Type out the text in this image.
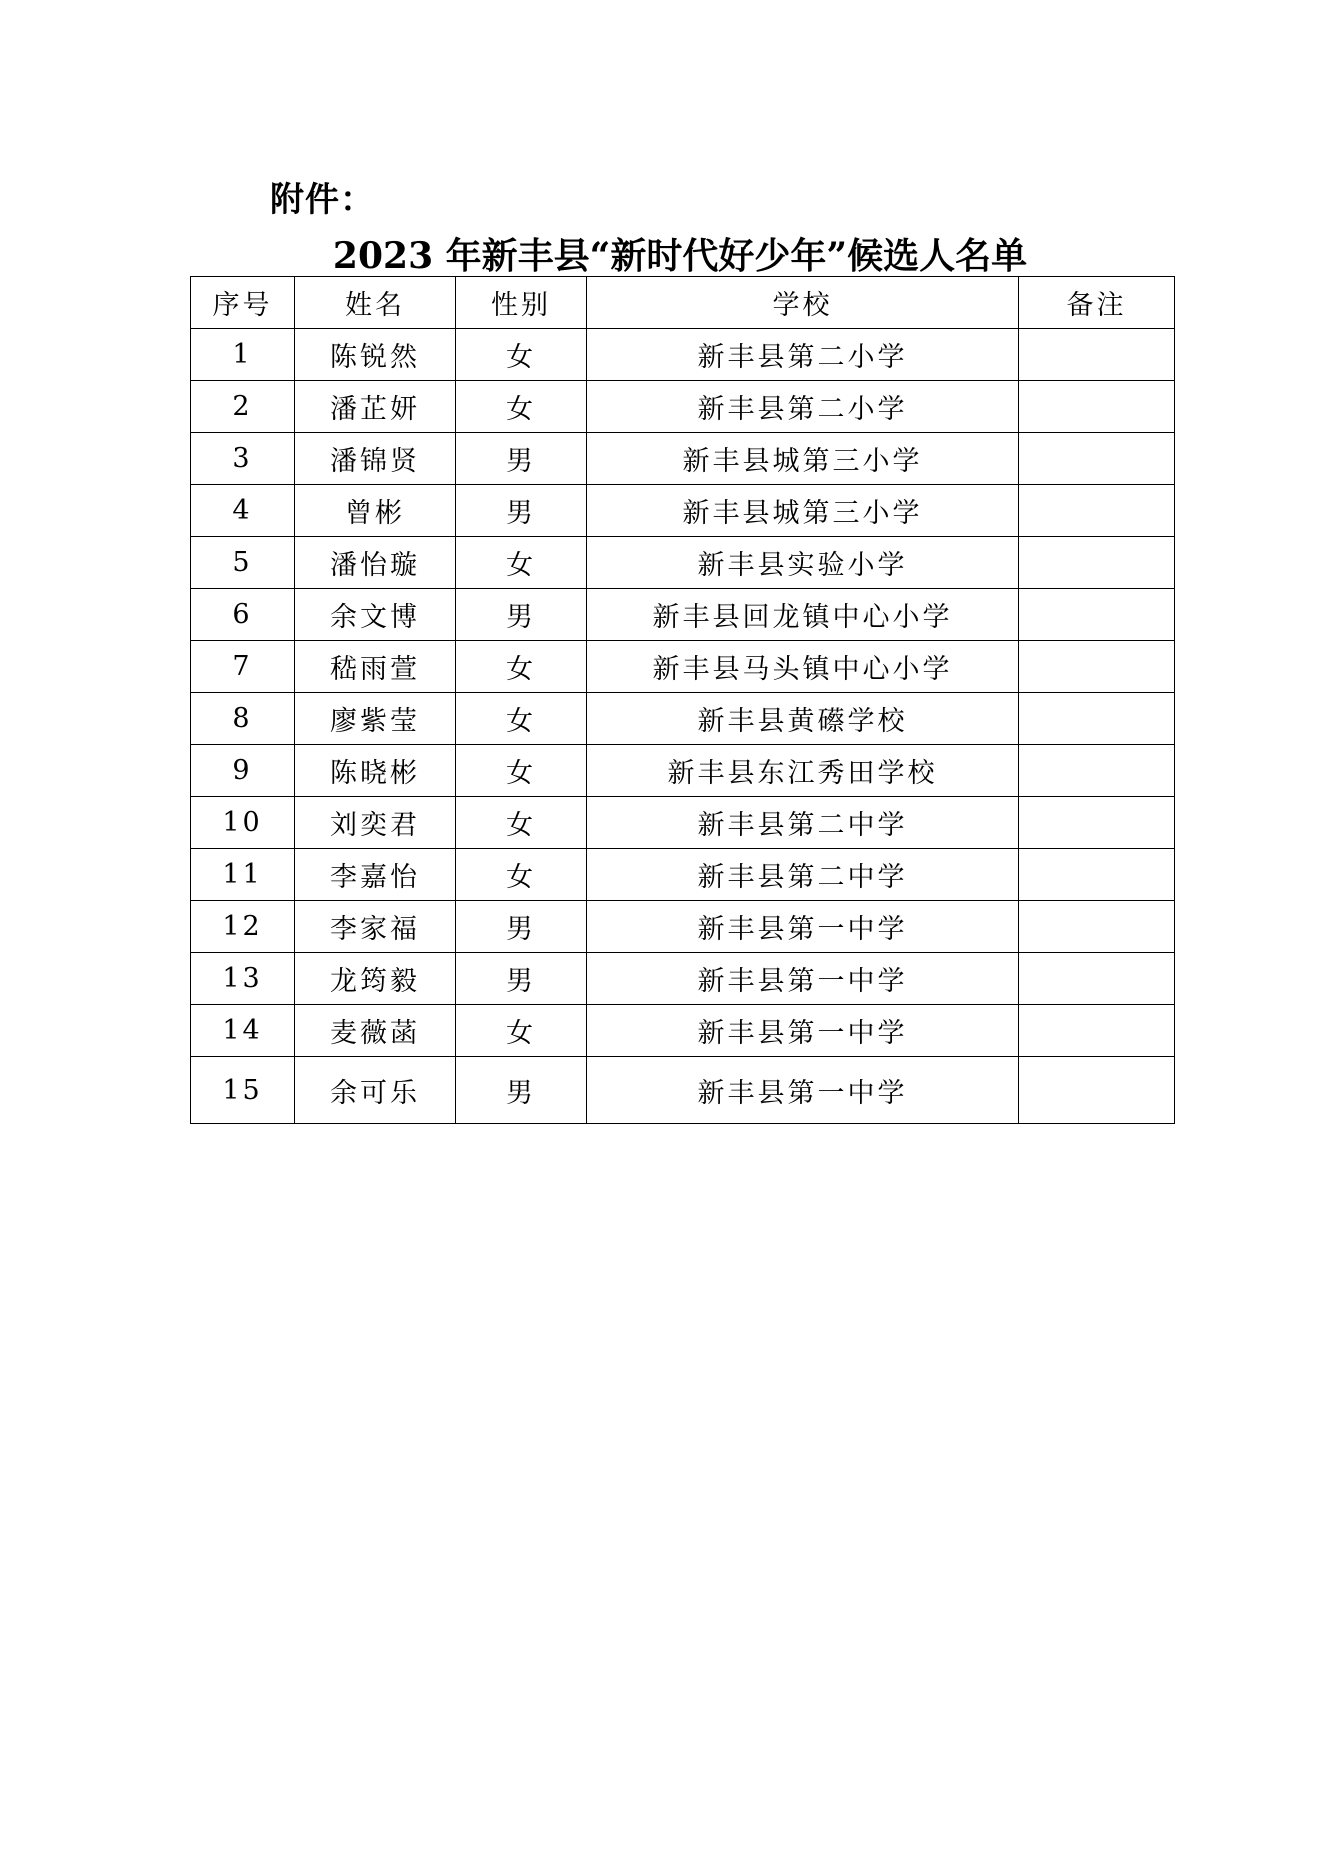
附件：
2023 年新丰县“新时代好少年”候选人名单
序号	姓名	性别	学校	备注
1	陈锐然	女	新丰县第二小学	
2	潘芷妍	女	新丰县第二小学	
3	潘锦贤	男	新丰县城第三小学	
4	曾彬	男	新丰县城第三小学	
5	潘怡璇	女	新丰县实验小学	
6	余文博	男	新丰县回龙镇中心小学	
7	嵇雨萱	女	新丰县马头镇中心小学	
8	廖紫莹	女	新丰县黄礤学校	
9	陈晓彬	女	新丰县东江秀田学校	
10	刘奕君	女	新丰县第二中学	
11	李嘉怡	女	新丰县第二中学	
12	李家福	男	新丰县第一中学	
13	龙筠毅	男	新丰县第一中学	
14	麦薇菡	女	新丰县第一中学	
15	余可乐	男	新丰县第一中学	
